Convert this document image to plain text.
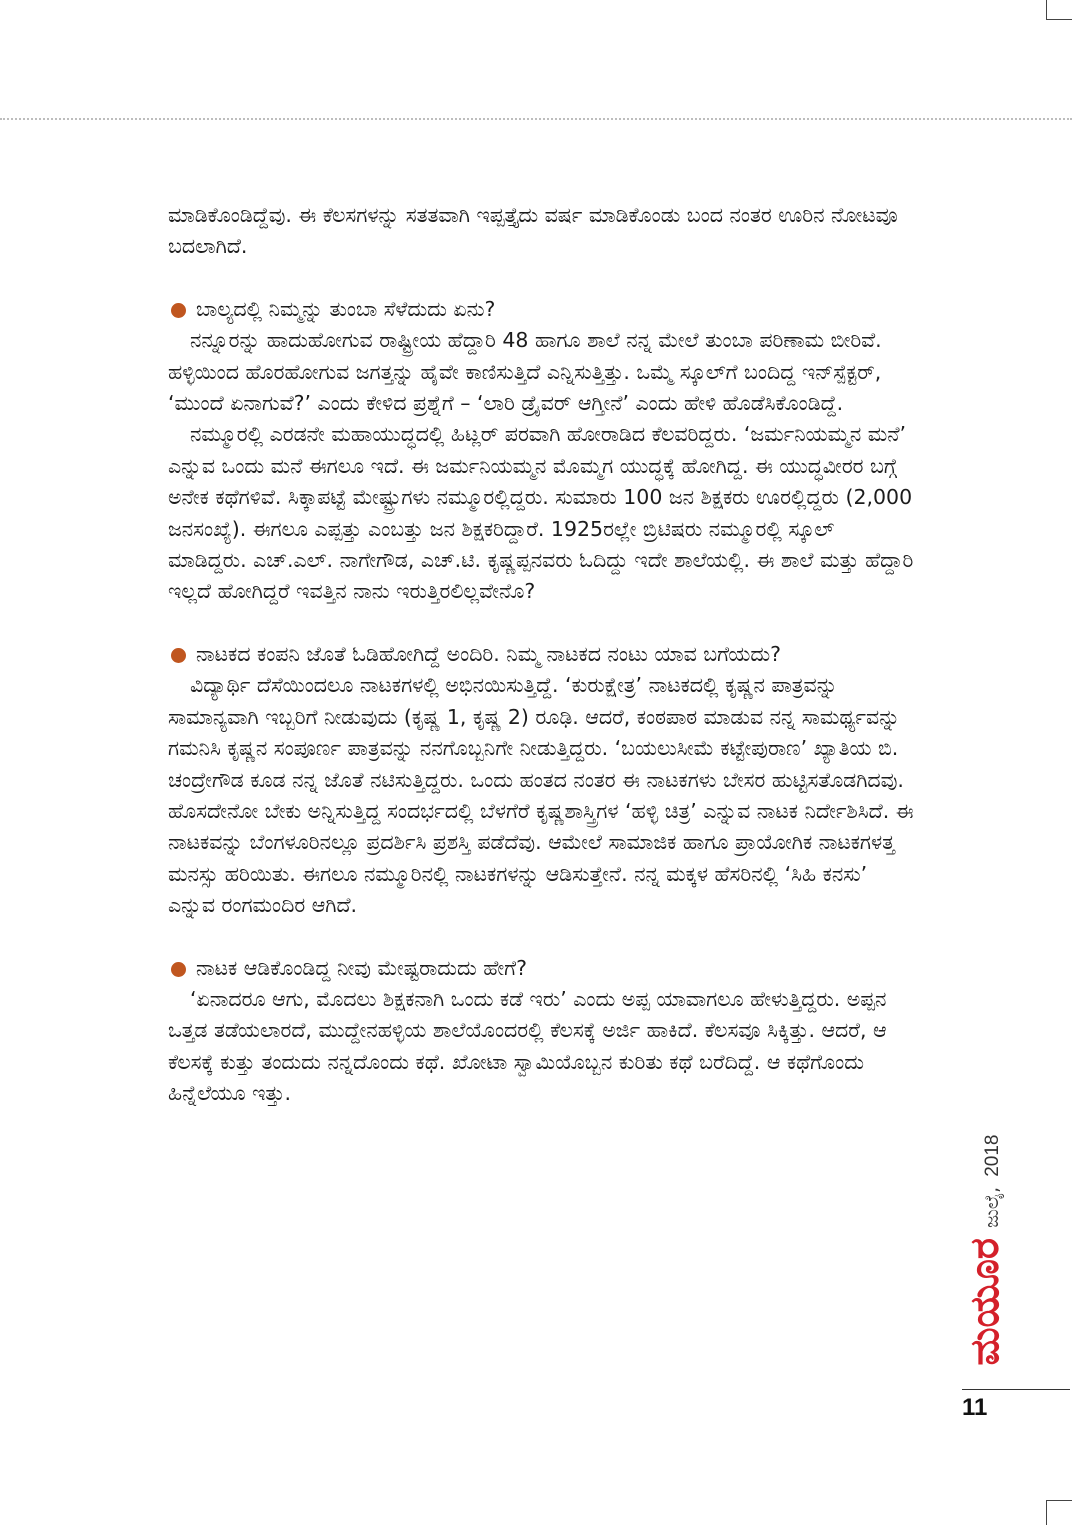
ಮಾಡಿಕೊಂಡಿದ್ದೆವು. ಈ ಕೆಲಸಗಳನ್ನು ಸತತವಾಗಿ ಇಪ್ಪತ್ತೈದು ವರ್ಷ ಮಾಡಿಕೊಂಡು ಬಂದ ನಂತರ ಊರಿನ ನೋಟವೂ ಬದಲಾಗಿದೆ.

ಬಾಲ್ಯದಲ್ಲಿ ನಿಮ್ಮನ್ನು ತುಂಬಾ ಸೆಳೆದುದು ಏನು?

ನನ್ನೂರನ್ನು ಹಾದುಹೋಗುವ ರಾಷ್ಟ್ರೀಯ ಹೆದ್ದಾರಿ 48 ಹಾಗೂ ಶಾಲೆ ನನ್ನ ಮೇಲೆ ತುಂಬಾ ಪರಿಣಾಮ ಬೀರಿವೆ. ಹಳ್ಳಿಯಿಂದ ಹೊರಹೋಗುವ ಜಗತ್ತನ್ನು ಹೈವೇ ಕಾಣಿಸುತ್ತಿದೆ ಎನ್ನಿಸುತ್ತಿತ್ತು. ಒಮ್ಮೆ ಸ್ಕೂಲ್‌ಗೆ ಬಂದಿದ್ದ ಇನ್‌ಸ್ಪೆಕ್ಟರ್, ‘ಮುಂದೆ ಏನಾಗುವೆ?’ ಎಂದು ಕೇಳಿದ ಪ್ರಶ್ನೆಗೆ – ‘ಲಾರಿ ಡ್ರೈವರ್ ಆಗ್ತೀನೆ’ ಎಂದು ಹೇಳಿ ಹೊಡೆಸಿಕೊಂಡಿದ್ದೆ.

ನಮ್ಮೂರಲ್ಲಿ ಎರಡನೇ ಮಹಾಯುದ್ಧದಲ್ಲಿ ಹಿಟ್ಲರ್ ಪರವಾಗಿ ಹೋರಾಡಿದ ಕೆಲವರಿದ್ದರು. ‘ಜರ್ಮನಿಯಮ್ಮನ ಮನೆ’ ಎನ್ನುವ ಒಂದು ಮನೆ ಈಗಲೂ ಇದೆ. ಈ ಜರ್ಮನಿಯಮ್ಮನ ಮೊಮ್ಮಗ ಯುದ್ಧಕ್ಕೆ ಹೋಗಿದ್ದ. ಈ ಯುದ್ಧವೀರರ ಬಗ್ಗೆ ಅನೇಕ ಕಥೆಗಳಿವೆ. ಸಿಕ್ಕಾಪಟ್ಟೆ ಮೇಷ್ಟ್ರುಗಳು ನಮ್ಮೂರಲ್ಲಿದ್ದರು. ಸುಮಾರು 100 ಜನ ಶಿಕ್ಷಕರು ಊರಲ್ಲಿದ್ದರು (2,000 ಜನಸಂಖ್ಯೆ). ಈಗಲೂ ಎಪ್ಪತ್ತು ಎಂಬತ್ತು ಜನ ಶಿಕ್ಷಕರಿದ್ದಾರೆ. 1925ರಲ್ಲೇ ಬ್ರಿಟಿಷರು ನಮ್ಮೂರಲ್ಲಿ ಸ್ಕೂಲ್ ಮಾಡಿದ್ದರು. ಎಚ್.ಎಲ್. ನಾಗೇಗೌಡ, ಎಚ್.ಟಿ. ಕೃಷ್ಣಪ್ಪನವರು ಓದಿದ್ದು ಇದೇ ಶಾಲೆಯಲ್ಲಿ. ಈ ಶಾಲೆ ಮತ್ತು ಹೆದ್ದಾರಿ ಇಲ್ಲದೆ ಹೋಗಿದ್ದರೆ ಇವತ್ತಿನ ನಾನು ಇರುತ್ತಿರಲಿಲ್ಲವೇನೊ?

ನಾಟಕದ ಕಂಪನಿ ಜೊತೆ ಓಡಿಹೋಗಿದ್ದೆ ಅಂದಿರಿ. ನಿಮ್ಮ ನಾಟಕದ ನಂಟು ಯಾವ ಬಗೆಯದು?

ವಿದ್ಯಾರ್ಥಿ ದೆಸೆಯಿಂದಲೂ ನಾಟಕಗಳಲ್ಲಿ ಅಭಿನಯಿಸುತ್ತಿದ್ದೆ. ‘ಕುರುಕ್ಷೇತ್ರ’ ನಾಟಕದಲ್ಲಿ ಕೃಷ್ಣನ ಪಾತ್ರವನ್ನು ಸಾಮಾನ್ಯವಾಗಿ ಇಬ್ಬರಿಗೆ ನೀಡುವುದು (ಕೃಷ್ಣ 1, ಕೃಷ್ಣ 2) ರೂಢಿ. ಆದರೆ, ಕಂಠಪಾಠ ಮಾಡುವ ನನ್ನ ಸಾಮರ್ಥ್ಯವನ್ನು ಗಮನಿಸಿ ಕೃಷ್ಣನ ಸಂಪೂರ್ಣ ಪಾತ್ರವನ್ನು ನನಗೊಬ್ಬನಿಗೇ ನೀಡುತ್ತಿದ್ದರು. ‘ಬಯಲುಸೀಮೆ ಕಟ್ಟೇಪುರಾಣ’ ಖ್ಯಾತಿಯ ಬಿ. ಚಂದ್ರೇಗೌಡ ಕೂಡ ನನ್ನ ಜೊತೆ ನಟಿಸುತ್ತಿದ್ದರು. ಒಂದು ಹಂತದ ನಂತರ ಈ ನಾಟಕಗಳು ಬೇಸರ ಹುಟ್ಟಿಸತೊಡಗಿದವು. ಹೊಸದೇನೋ ಬೇಕು ಅನ್ನಿಸುತ್ತಿದ್ದ ಸಂದರ್ಭದಲ್ಲಿ ಬೆಳಗೆರೆ ಕೃಷ್ಣಶಾಸ್ತ್ರಿಗಳ ‘ಹಳ್ಳಿ ಚಿತ್ರ’ ಎನ್ನುವ ನಾಟಕ ನಿರ್ದೇಶಿಸಿದೆ. ಈ ನಾಟಕವನ್ನು ಬೆಂಗಳೂರಿನಲ್ಲೂ ಪ್ರದರ್ಶಿಸಿ ಪ್ರಶಸ್ತಿ ಪಡೆದೆವು. ಆಮೇಲೆ ಸಾಮಾಜಿಕ ಹಾಗೂ ಪ್ರಾಯೋಗಿಕ ನಾಟಕಗಳತ್ತ ಮನಸ್ಸು ಹರಿಯಿತು. ಈಗಲೂ ನಮ್ಮೂರಿನಲ್ಲಿ ನಾಟಕಗಳನ್ನು ಆಡಿಸುತ್ತೇನೆ. ನನ್ನ ಮಕ್ಕಳ ಹೆಸರಿನಲ್ಲಿ ‘ಸಿಹಿ ಕನಸು’ ಎನ್ನುವ ರಂಗಮಂದಿರ ಆಗಿದೆ.

ನಾಟಕ ಆಡಿಕೊಂಡಿದ್ದ ನೀವು ಮೇಷ್ಟರಾದುದು ಹೇಗೆ?

‘ಏನಾದರೂ ಆಗು, ಮೊದಲು ಶಿಕ್ಷಕನಾಗಿ ಒಂದು ಕಡೆ ಇರು’ ಎಂದು ಅಪ್ಪ ಯಾವಾಗಲೂ ಹೇಳುತ್ತಿದ್ದರು. ಅಪ್ಪನ ಒತ್ತಡ ತಡೆಯಲಾರದೆ, ಮುದ್ದೇನಹಳ್ಳಿಯ ಶಾಲೆಯೊಂದರಲ್ಲಿ ಕೆಲಸಕ್ಕೆ ಅರ್ಜಿ ಹಾಕಿದೆ. ಕೆಲಸವೂ ಸಿಕ್ಕಿತ್ತು. ಆದರೆ, ಆ ಕೆಲಸಕ್ಕೆ ಕುತ್ತು ತಂದುದು ನನ್ನದೊಂದು ಕಥೆ. ಖೋಟಾ ಸ್ವಾಮಿಯೊಬ್ಬನ ಕುರಿತು ಕಥೆ ಬರೆದಿದ್ದೆ. ಆ ಕಥೆಗೊಂದು ಹಿನ್ನೆಲೆಯೂ ಇತ್ತು.

ಮಯೂರ
ಜುಲೈ,
2018
11
